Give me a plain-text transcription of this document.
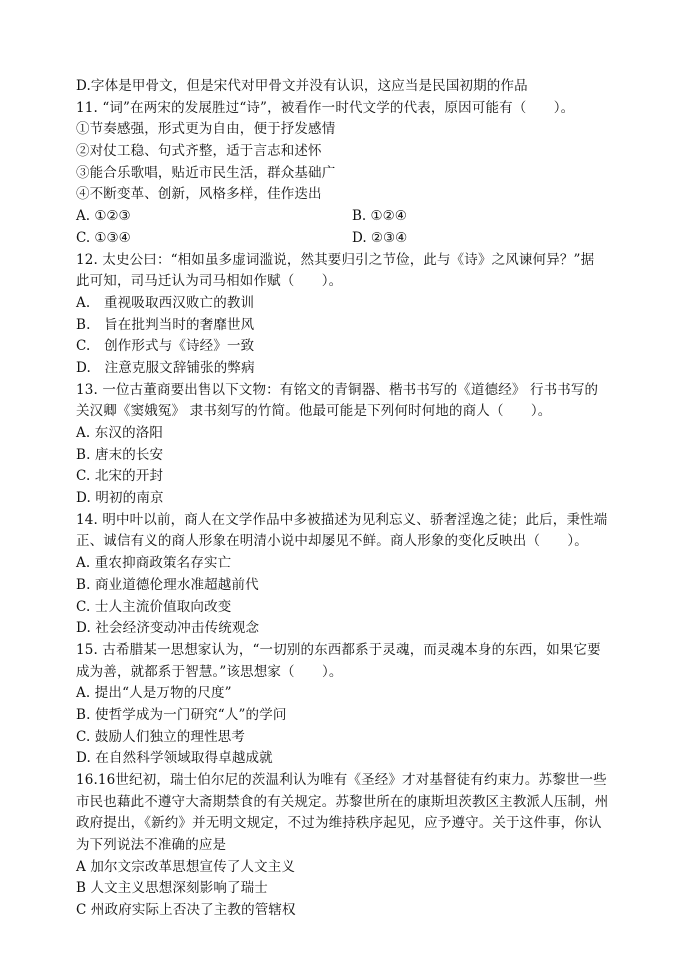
D.字体是甲骨文，但是宋代对甲骨文并没有认识，这应当是民国初期的作品
11. “词”在两宋的发展胜过“诗”，被看作一时代文学的代表，原因可能有（　　）。
①节奏感强，形式更为自由，便于抒发感情
②对仗工稳、句式齐整，适于言志和述怀
③能合乐歌唱，贴近市民生活，群众基础广
④不断变革、创新，风格多样，佳作迭出
A. ①②③	B. ①②④
C. ①③④	D. ②③④
12. 太史公曰：“相如虽多虚词滥说，然其要归引之节俭，此与《诗》之风谏何异？”据
此可知，司马迁认为司马相如作赋（　　）。
A.　重视吸取西汉败亡的教训
B.　旨在批判当时的奢靡世风
C.　创作形式与《诗经》一致
D.　注意克服文辞铺张的弊病
13. 一位古董商要出售以下文物：有铭文的青铜器、楷书书写的《道德经》 行书书写的
关汉卿《窦娥冤》 隶书刻写的竹简。他最可能是下列何时何地的商人（　　）。
A. 东汉的洛阳
B. 唐末的长安
C. 北宋的开封
D. 明初的南京
14. 明中叶以前，商人在文学作品中多被描述为见利忘义、骄奢淫逸之徒；此后，秉性端
正、诚信有义的商人形象在明清小说中却屡见不鲜。商人形象的变化反映出（　　）。
A. 重农抑商政策名存实亡
B. 商业道德伦理水准超越前代
C. 士人主流价值取向改变
D. 社会经济变动冲击传统观念
15. 古希腊某一思想家认为，“一切别的东西都系于灵魂，而灵魂本身的东西，如果它要
成为善，就都系于智慧。”该思想家（　　）。
A. 提出“人是万物的尺度”
B. 使哲学成为一门研究“人”的学问
C. 鼓励人们独立的理性思考
D. 在自然科学领域取得卓越成就
16.16世纪初，瑞士伯尔尼的茨温利认为唯有《圣经》才对基督徒有约束力。苏黎世一些
市民也藉此不遵守大斋期禁食的有关规定。苏黎世所在的康斯坦茨教区主教派人压制，州
政府提出，《新约》并无明文规定，不过为维持秩序起见，应予遵守。关于这件事，你认
为下列说法不准确的应是
A 加尔文宗改革思想宣传了人文主义
B 人文主义思想深刻影响了瑞士
C 州政府实际上否决了主教的管辖权
